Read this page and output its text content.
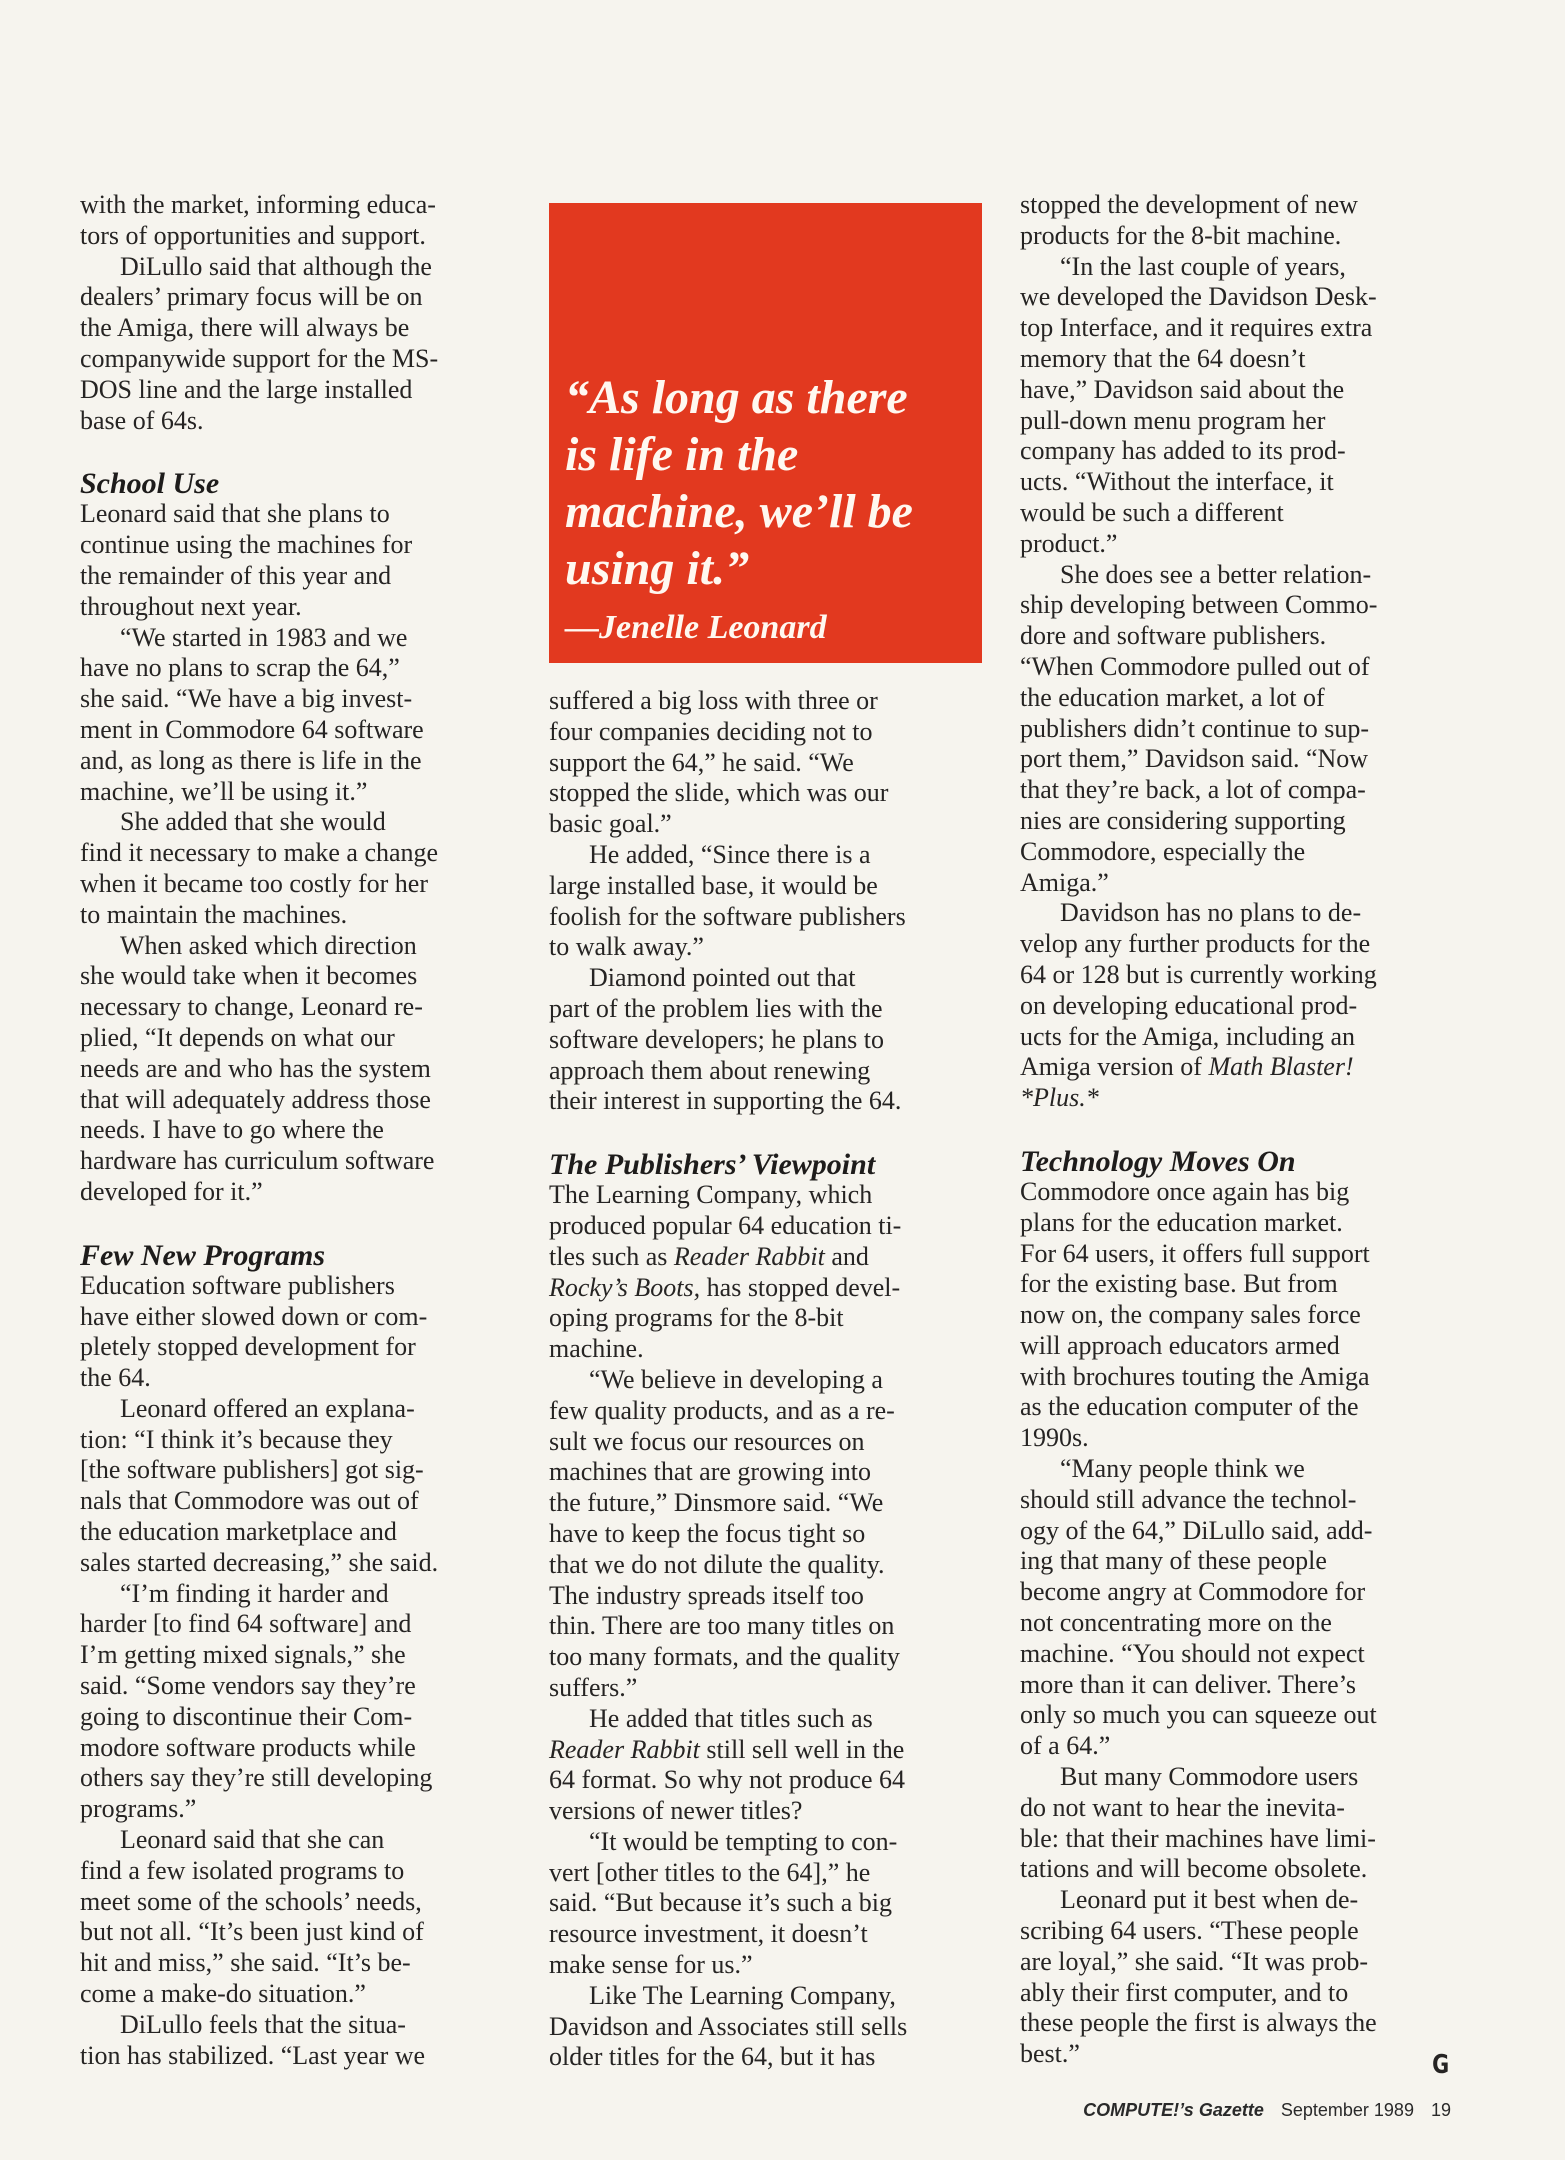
with the market, informing educa-
tors of opportunities and support.
DiLullo said that although the
dealers’ primary focus will be on
the Amiga, there will always be
companywide support for the MS-
DOS line and the large installed
base of 64s.
School Use
Leonard said that she plans to
continue using the machines for
the remainder of this year and
throughout next year.
“We started in 1983 and we
have no plans to scrap the 64,”
she said. “We have a big invest-
ment in Commodore 64 software
and, as long as there is life in the
machine, we’ll be using it.”
She added that she would
find it necessary to make a change
when it became too costly for her
to maintain the machines.
When asked which direction
she would take when it becomes
necessary to change, Leonard re-
plied, “It depends on what our
needs are and who has the system
that will adequately address those
needs. I have to go where the
hardware has curriculum software
developed for it.”
Few New Programs
Education software publishers
have either slowed down or com-
pletely stopped development for
the 64.
Leonard offered an explana-
tion: “I think it’s because they
[the software publishers] got sig-
nals that Commodore was out of
the education marketplace and
sales started decreasing,” she said.
“I’m finding it harder and
harder [to find 64 software] and
I’m getting mixed signals,” she
said. “Some vendors say they’re
going to discontinue their Com-
modore software products while
others say they’re still developing
programs.”
Leonard said that she can
find a few isolated programs to
meet some of the schools’ needs,
but not all. “It’s been just kind of
hit and miss,” she said. “It’s be-
come a make-do situation.”
DiLullo feels that the situa-
tion has stabilized. “Last year we
suffered a big loss with three or
four companies deciding not to
support the 64,” he said. “We
stopped the slide, which was our
basic goal.”
He added, “Since there is a
large installed base, it would be
foolish for the software publishers
to walk away.”
Diamond pointed out that
part of the problem lies with the
software developers; he plans to
approach them about renewing
their interest in supporting the 64.
The Publishers’ Viewpoint
The Learning Company, which
produced popular 64 education ti-
tles such as Reader Rabbit and
Rocky’s Boots, has stopped devel-
oping programs for the 8-bit
machine.
“We believe in developing a
few quality products, and as a re-
sult we focus our resources on
machines that are growing into
the future,” Dinsmore said. “We
have to keep the focus tight so
that we do not dilute the quality.
The industry spreads itself too
thin. There are too many titles on
too many formats, and the quality
suffers.”
He added that titles such as
Reader Rabbit still sell well in the
64 format. So why not produce 64
versions of newer titles?
“It would be tempting to con-
vert [other titles to the 64],” he
said. “But because it’s such a big
resource investment, it doesn’t
make sense for us.”
Like The Learning Company,
Davidson and Associates still sells
older titles for the 64, but it has
stopped the development of new
products for the 8-bit machine.
“In the last couple of years,
we developed the Davidson Desk-
top Interface, and it requires extra
memory that the 64 doesn’t
have,” Davidson said about the
pull-down menu program her
company has added to its prod-
ucts. “Without the interface, it
would be such a different
product.”
She does see a better relation-
ship developing between Commo-
dore and software publishers.
“When Commodore pulled out of
the education market, a lot of
publishers didn’t continue to sup-
port them,” Davidson said. “Now
that they’re back, a lot of compa-
nies are considering supporting
Commodore, especially the
Amiga.”
Davidson has no plans to de-
velop any further products for the
64 or 128 but is currently working
on developing educational prod-
ucts for the Amiga, including an
Amiga version of Math Blaster!
*Plus.*
Technology Moves On
Commodore once again has big
plans for the education market.
For 64 users, it offers full support
for the existing base. But from
now on, the company sales force
will approach educators armed
with brochures touting the Amiga
as the education computer of the
1990s.
“Many people think we
should still advance the technol-
ogy of the 64,” DiLullo said, add-
ing that many of these people
become angry at Commodore for
not concentrating more on the
machine. “You should not expect
more than it can deliver. There’s
only so much you can squeeze out
of a 64.”
But many Commodore users
do not want to hear the inevita-
ble: that their machines have limi-
tations and will become obsolete.
Leonard put it best when de-
scribing 64 users. “These people
are loyal,” she said. “It was prob-
ably their first computer, and to
these people the first is always the
best.”
“As long as there
is life in the
machine, we’ll be
using it.”
—Jenelle Leonard
G
COMPUTE!’s Gazette September 1989 19
